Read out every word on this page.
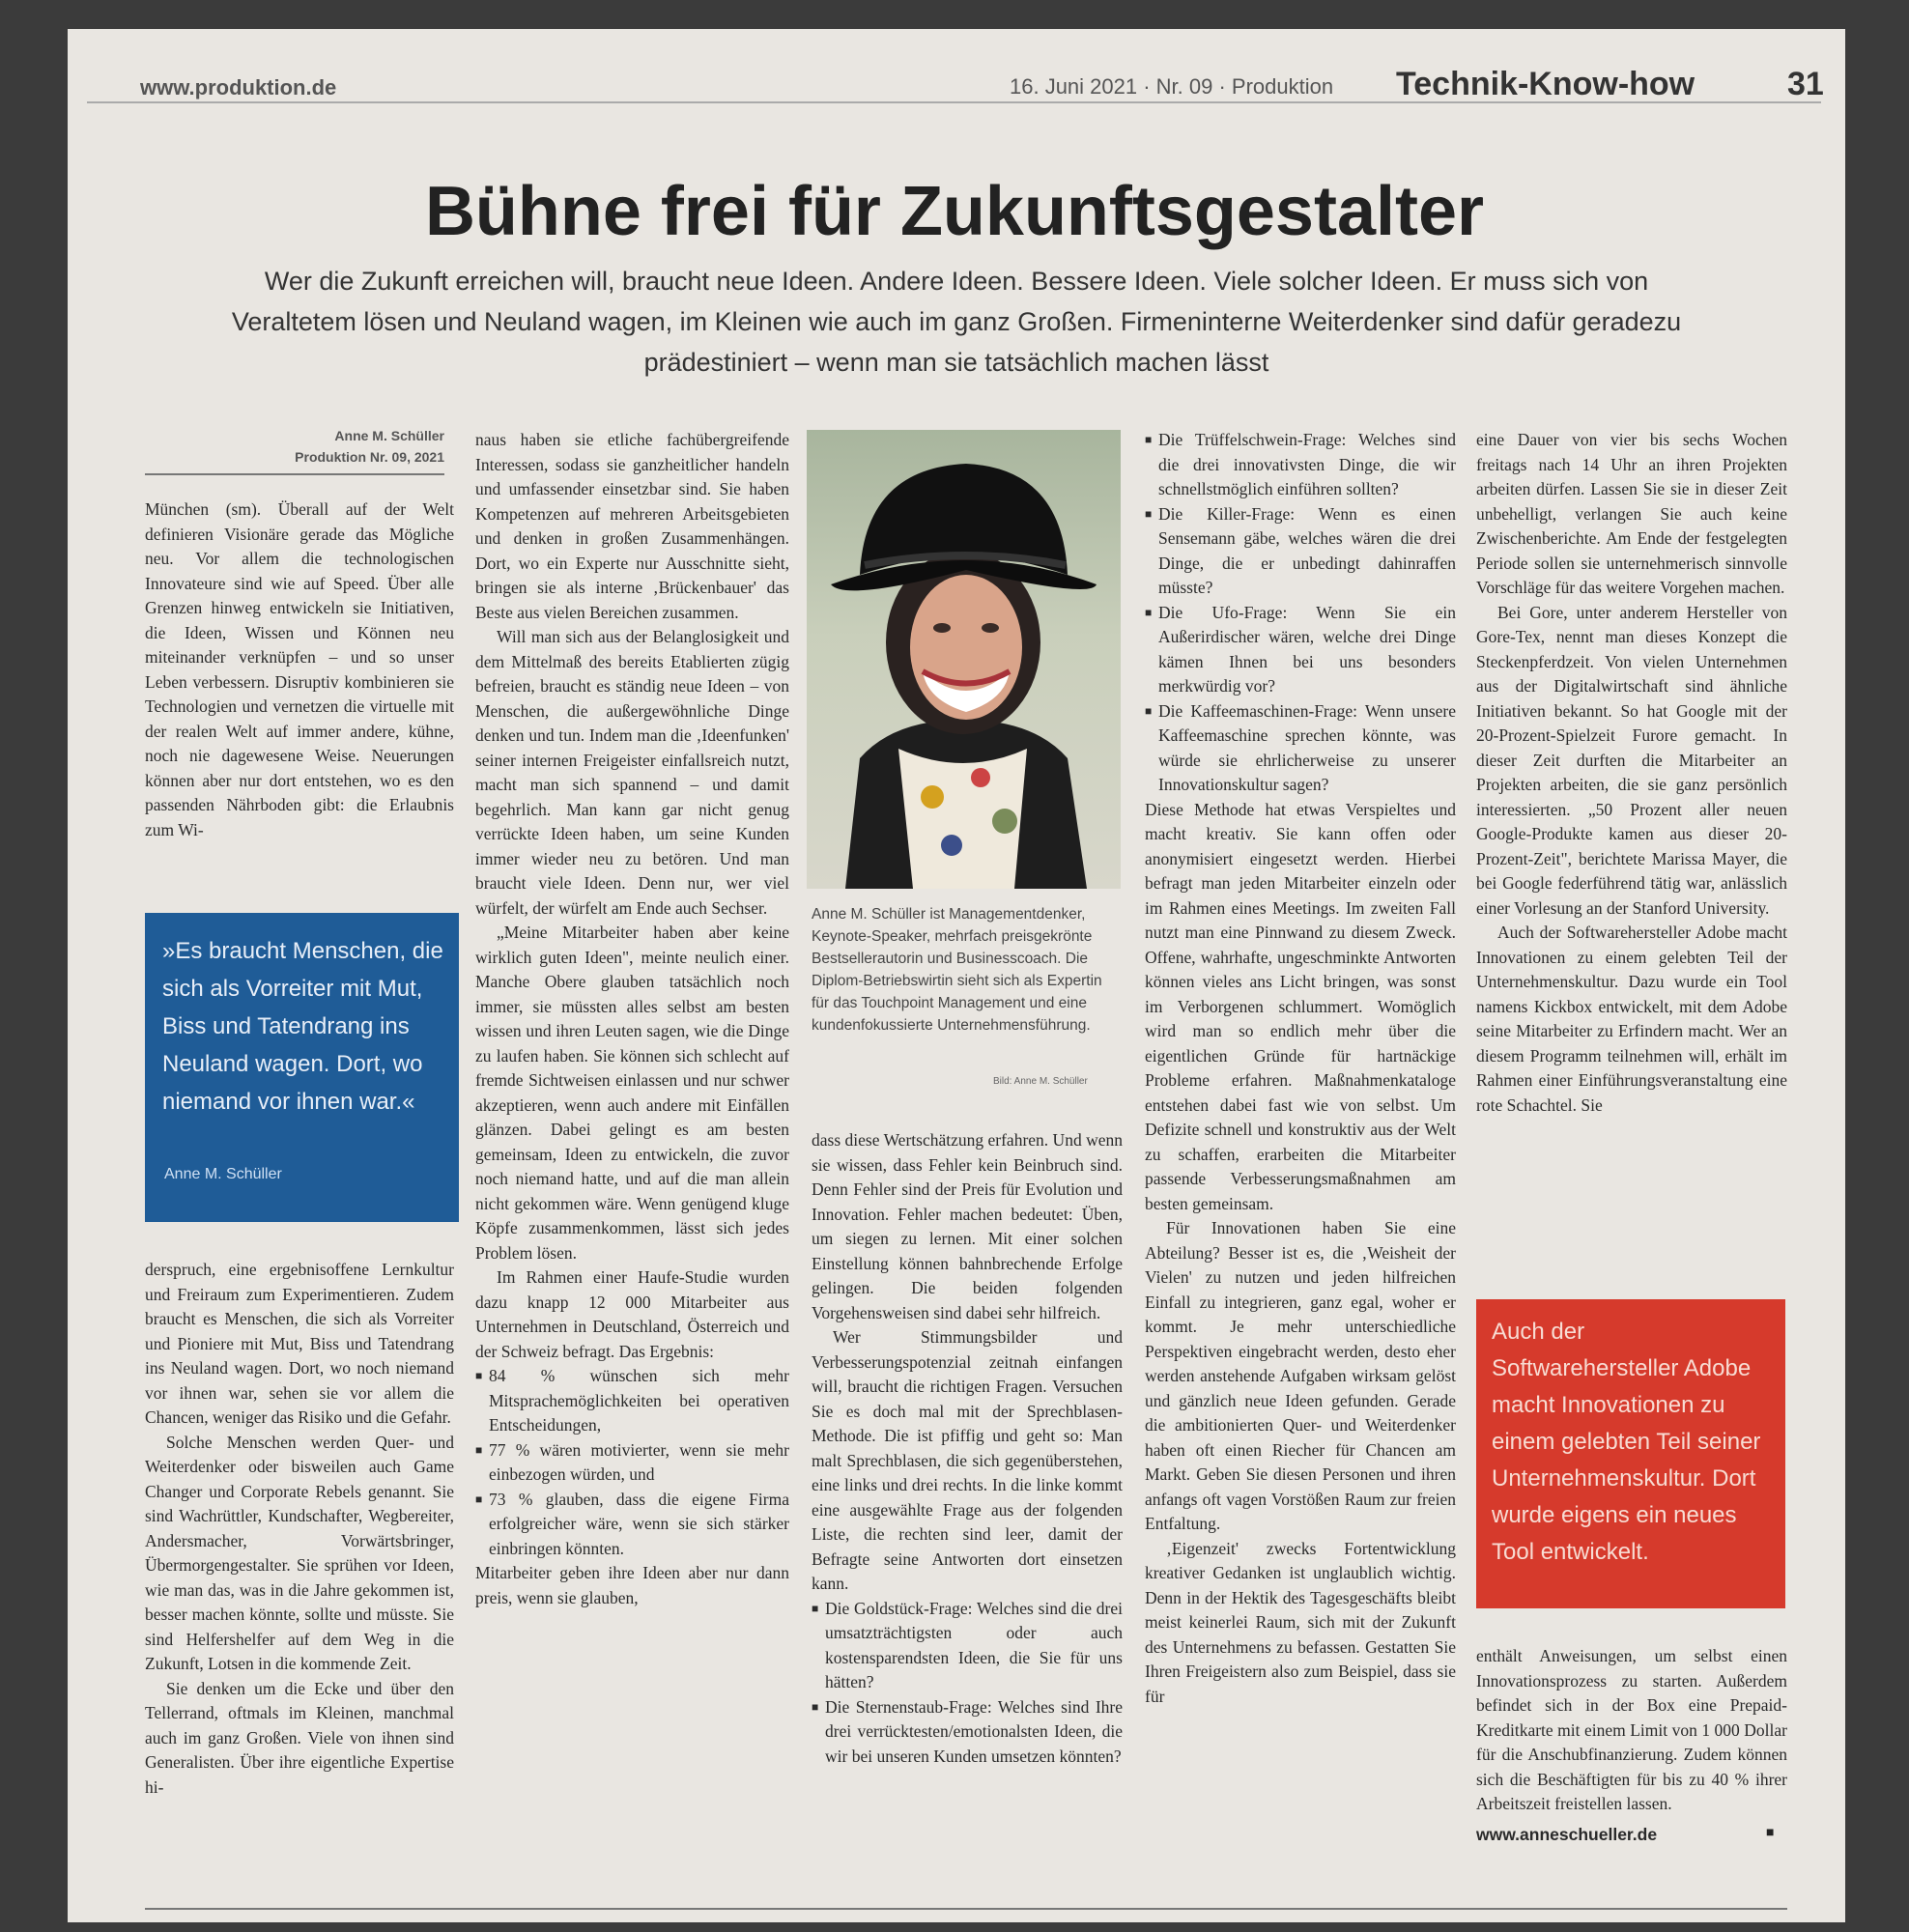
www.produktion.de	16. Juni 2021 · Nr. 09 · Produktion Technik-Know-how	31
Bühne frei für Zukunftsgestalter
Wer die Zukunft erreichen will, braucht neue Ideen. Andere Ideen. Bessere Ideen. Viele solcher Ideen. Er muss sich von Veraltetem lösen und Neuland wagen, im Kleinen wie auch im ganz Großen. Firmeninterne Weiterdenker sind dafür geradezu prädestiniert – wenn man sie tatsächlich machen lässt
Anne M. Schüller
Produktion Nr. 09, 2021

München (sm). Überall auf der Welt definieren Visionäre gerade das Mögliche neu. Vor allem die technologischen Innovateure sind wie auf Speed. Über alle Grenzen hinweg entwickeln sie Initiativen, die Ideen, Wissen und Können neu miteinander verknüpfen – und so unser Leben verbessern. Disruptiv kombinieren sie Technologien und vernetzen die virtuelle mit der realen Welt auf immer andere, kühne, noch nie dagewesene Weise. Neuerungen können aber nur dort entstehen, wo es den passenden Nährboden gibt: die Erlaubnis zum Wi-

»Es braucht Menschen, die sich als Vorreiter mit Mut, Biss und Tatendrang ins Neuland wagen. Dort, wo niemand vor ihnen war.«
Anne M. Schüller

derspruch, eine ergebnisoffene Lernkultur und Freiraum zum Experimentieren. Zudem braucht es Menschen, die sich als Vorreiter und Pioniere mit Mut, Biss und Tatendrang ins Neuland wagen. Dort, wo noch niemand vor ihnen war, sehen sie vor allem die Chancen, weniger das Risiko und die Gefahr.

Solche Menschen werden Quer- und Weiterdenker oder bisweilen auch Game Changer und Corporate Rebels genannt. Sie sind Wachrüttler, Kundschafter, Wegbereiter, Andersmacher, Vorwärtsbringer, Übermorgengestalter. Sie sprühen vor Ideen, wie man das, was in die Jahre gekommen ist, besser machen könnte, sollte und müsste. Sie sind Helfershelfer auf dem Weg in die Zukunft, Lotsen in die kommende Zeit.

Sie denken um die Ecke und über den Tellerrand, oftmals im Kleinen, manchmal auch im ganz Großen. Viele von ihnen sind Generalisten. Über ihre eigentliche Expertise hi-

naus haben sie etliche fachübergreifende Interessen, sodass sie ganzheitlicher handeln und umfassender einsetzbar sind. Sie haben Kompetenzen auf mehreren Arbeitsgebieten und denken in großen Zusammenhängen. Dort, wo ein Experte nur Ausschnitte sieht, bringen sie als interne ‚Brückenbauer' das Beste aus vielen Bereichen zusammen.

Will man sich aus der Belanglosigkeit und dem Mittelmaß des bereits Etablierten zügig befreien, braucht es ständig neue Ideen – von Menschen, die außergewöhnliche Dinge denken und tun. Indem man die ‚Ideenfunken' seiner internen Freigeister einfallsreich nutzt, macht man sich spannend – und damit begehrlich. Man kann gar nicht genug verrückte Ideen haben, um seine Kunden immer wieder neu zu betören. Und man braucht viele Ideen. Denn nur, wer viel würfelt, der würfelt am Ende auch Sechser.

„Meine Mitarbeiter haben aber keine wirklich guten Ideen", meinte neulich einer. Manche Obere glauben tatsächlich noch immer, sie müssten alles selbst am besten wissen und ihren Leuten sagen, wie die Dinge zu laufen haben. Sie können sich schlecht auf fremde Sichtweisen einlassen und nur schwer akzeptieren, wenn auch andere mit Einfällen glänzen. Dabei gelingt es am besten gemeinsam, Ideen zu entwickeln, die zuvor noch niemand hatte, und auf die man allein nicht gekommen wäre. Wenn genügend kluge Köpfe zusammenkommen, lässt sich jedes Problem lösen.

Im Rahmen einer Haufe-Studie wurden dazu knapp 12 000 Mitarbeiter aus Unternehmen in Deutschland, Österreich und der Schweiz befragt. Das Ergebnis:

■ 84 % wünschen sich mehr Mitsprachemöglichkeiten bei operativen Entscheidungen,

■ 77 % wären motivierter, wenn sie mehr einbezogen würden, und

■ 73 % glauben, dass die eigene Firma erfolgreicher wäre, wenn sie sich stärker einbringen könnten.

Mitarbeiter geben ihre Ideen aber nur dann preis, wenn sie glauben,

Anne M. Schüller ist Managementdenker, Keynote-Speaker, mehrfach preisgekrönte Bestsellerautorin und Businesscoach. Die Diplom-Betriebswirtin sieht sich als Expertin für das Touchpoint Management und eine kundenfokussierte Unternehmensführung.
Bild: Anne M. Schüller

dass diese Wertschätzung erfahren. Und wenn sie wissen, dass Fehler kein Beinbruch sind. Denn Fehler sind der Preis für Evolution und Innovation. Fehler machen bedeutet: Üben, um siegen zu lernen. Mit einer solchen Einstellung können bahnbrechende Erfolge gelingen. Die beiden folgenden Vorgehensweisen sind dabei sehr hilfreich.

Wer Stimmungsbilder und Verbesserungspotenzial zeitnah einfangen will, braucht die richtigen Fragen. Versuchen Sie es doch mal mit der Sprechblasen-Methode. Die ist pfiffig und geht so: Man malt Sprechblasen, die sich gegenüberstehen, eine links und drei rechts. In die linke kommt eine ausgewählte Frage aus der folgenden Liste, die rechten sind leer, damit der Befragte seine Antworten dort einsetzen kann.

■ Die Goldstück-Frage: Welches sind die drei umsatzträchtigsten oder auch kostensparendsten Ideen, die Sie für uns hätten?

■ Die Sternenstaub-Frage: Welches sind Ihre drei verrücktesten/emotionalsten Ideen, die wir bei unseren Kunden umsetzen könnten?

■ Die Trüffelschwein-Frage: Welches sind die drei innovativsten Dinge, die wir schnellstmöglich einführen sollten?

■ Die Killer-Frage: Wenn es einen Sensemann gäbe, welches wären die drei Dinge, die er unbedingt dahinraffen müsste?

■ Die Ufo-Frage: Wenn Sie ein Außerirdischer wären, welche drei Dinge kämen Ihnen bei uns besonders merkwürdig vor?

■ Die Kaffeemaschinen-Frage: Wenn unsere Kaffeemaschine sprechen könnte, was würde sie ehrlicherweise zu unserer Innovationskultur sagen?

Diese Methode hat etwas Verspieltes und macht kreativ. Sie kann offen oder anonymisiert eingesetzt werden. Hierbei befragt man jeden Mitarbeiter einzeln oder im Rahmen eines Meetings. Im zweiten Fall nutzt man eine Pinnwand zu diesem Zweck. Offene, wahrhafte, ungeschminkte Antworten können vieles ans Licht bringen, was sonst im Verborgenen schlummert. Womöglich wird man so endlich mehr über die eigentlichen Gründe für hartnäckige Probleme erfahren. Maßnahmenkataloge entstehen dabei fast wie von selbst. Um Defizite schnell und konstruktiv aus der Welt zu schaffen, erarbeiten die Mitarbeiter passende Verbesserungsmaßnahmen am besten gemeinsam.

Für Innovationen haben Sie eine Abteilung? Besser ist es, die ‚Weisheit der Vielen' zu nutzen und jeden hilfreichen Einfall zu integrieren, ganz egal, woher er kommt. Je mehr unterschiedliche Perspektiven eingebracht werden, desto eher werden anstehende Aufgaben wirksam gelöst und gänzlich neue Ideen gefunden. Gerade die ambitionierten Quer- und Weiterdenker haben oft einen Riecher für Chancen am Markt. Geben Sie diesen Personen und ihren anfangs oft vagen Vorstößen Raum zur freien Entfaltung.

‚Eigenzeit' zwecks Fortentwicklung kreativer Gedanken ist unglaublich wichtig. Denn in der Hektik des Tagesgeschäfts bleibt meist keinerlei Raum, sich mit der Zukunft des Unternehmens zu befassen. Gestatten Sie Ihren Freigeistern also zum Beispiel, dass sie für

eine Dauer von vier bis sechs Wochen freitags nach 14 Uhr an ihren Projekten arbeiten dürfen. Lassen Sie sie in dieser Zeit unbehelligt, verlangen Sie auch keine Zwischenberichte. Am Ende der festgelegten Periode sollen sie unternehmerisch sinnvolle Vorschläge für das weitere Vorgehen machen.

Bei Gore, unter anderem Hersteller von Gore-Tex, nennt man dieses Konzept die Steckenpferdzeit. Von vielen Unternehmen aus der Digitalwirtschaft sind ähnliche Initiativen bekannt. So hat Google mit der 20-Prozent-Spielzeit Furore gemacht. In dieser Zeit durften die Mitarbeiter an Projekten arbeiten, die sie ganz persönlich interessierten. „50 Prozent aller neuen Google-Produkte kamen aus dieser 20-Prozent-Zeit", berichtete Marissa Mayer, die bei Google federführend tätig war, anlässlich einer Vorlesung an der Stanford University.

Auch der Softwarehersteller Adobe macht Innovationen zu einem gelebten Teil der Unternehmenskultur. Dazu wurde ein Tool namens Kickbox entwickelt, mit dem Adobe seine Mitarbeiter zu Erfindern macht. Wer an diesem Programm teilnehmen will, erhält im Rahmen einer Einführungsveranstaltung eine rote Schachtel. Sie

Auch der Softwarehersteller Adobe macht Innovationen zu einem gelebten Teil seiner Unternehmenskultur. Dort wurde eigens ein neues Tool entwickelt.

enthält Anweisungen, um selbst einen Innovationsprozess zu starten. Außerdem befindet sich in der Box eine Prepaid-Kreditkarte mit einem Limit von 1 000 Dollar für die Anschubfinanzierung. Zudem können sich die Beschäftigten für bis zu 40 % ihrer Arbeitszeit freistellen lassen.

www.anneschueller.de	■
